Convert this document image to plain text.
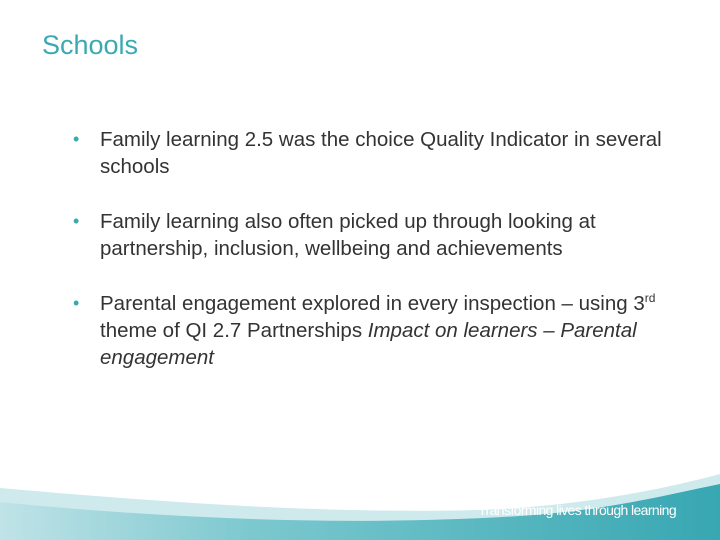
Schools
• Family learning 2.5 was the choice Quality Indicator in several schools
• Family learning also often picked up through looking at partnership, inclusion, wellbeing and achievements
• Parental engagement explored in every inspection – using 3rd theme of QI 2.7 Partnerships Impact on learners – Parental engagement
Transforming lives through learning
